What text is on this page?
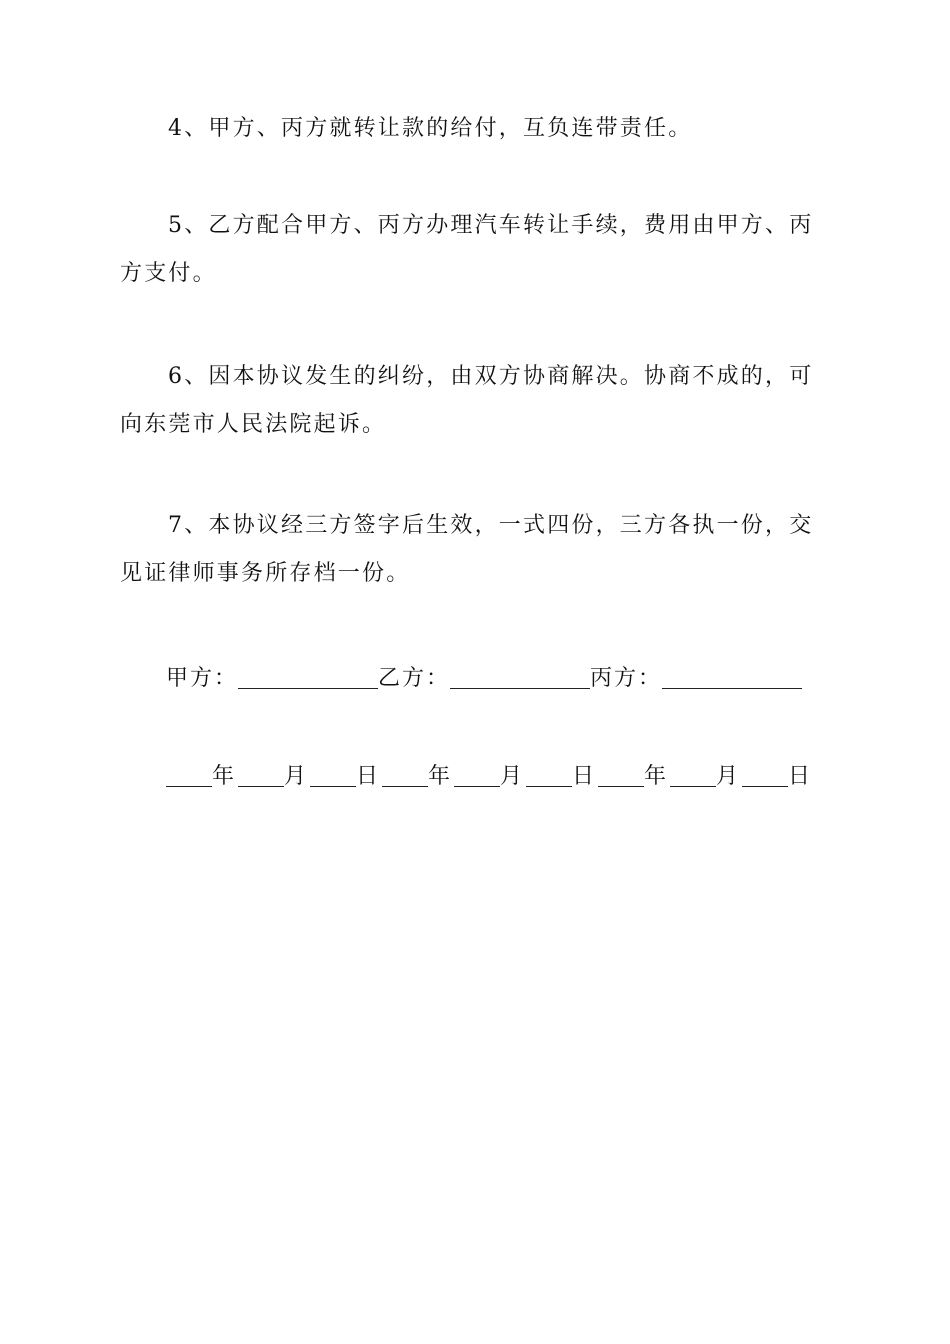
4、甲方、丙方就转让款的给付，互负连带责任。

5、乙方配合甲方、丙方办理汽车转让手续，费用由甲方、丙方支付。

6、因本协议发生的纠纷，由双方协商解决。协商不成的，可向东莞市人民法院起诉。

7、本协议经三方签字后生效，一式四份，三方各执一份，交见证律师事务所存档一份。

甲方：	乙方：	丙方：
年 月 日 年 月 日 年 月 日
